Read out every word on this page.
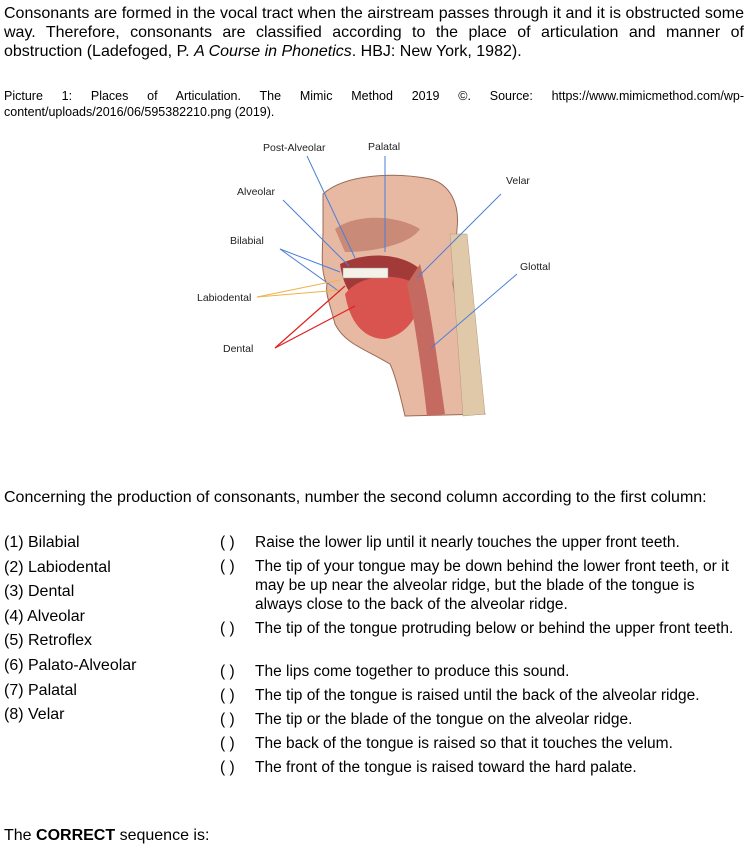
Consonants are formed in the vocal tract when the airstream passes through it and it is obstructed some way. Therefore, consonants are classified according to the place of articulation and manner of obstruction (Ladefoged, P. A Course in Phonetics. HBJ: New York, 1982).
Picture 1: Places of Articulation. The Mimic Method 2019 ©. Source: https://www.mimicmethod.com/wp-content/uploads/2016/06/595382210.png (2019).
Post-Alveolar	Palatal
Velar
Alveolar
Bilabial
Glottal
Labiodental
Dental
Concerning the production of consonants, number the second column according to the first column:
(1) Bilabial
(2) Labiodental
(3) Dental
(4) Alveolar
(5) Retroflex
(6) Palato-Alveolar
(7) Palatal
(8) Velar
( ) Raise the lower lip until it nearly touches the upper front teeth.
( ) The tip of your tongue may be down behind the lower front teeth, or it may be up near the alveolar ridge, but the blade of the tongue is always close to the back of the alveolar ridge.
( ) The tip of the tongue protruding below or behind the upper front teeth.
( ) The lips come together to produce this sound.
( ) The tip of the tongue is raised until the back of the alveolar ridge.
( ) The tip or the blade of the tongue on the alveolar ridge.
( ) The back of the tongue is raised so that it touches the velum.
( ) The front of the tongue is raised toward the hard palate.
The CORRECT sequence is:
